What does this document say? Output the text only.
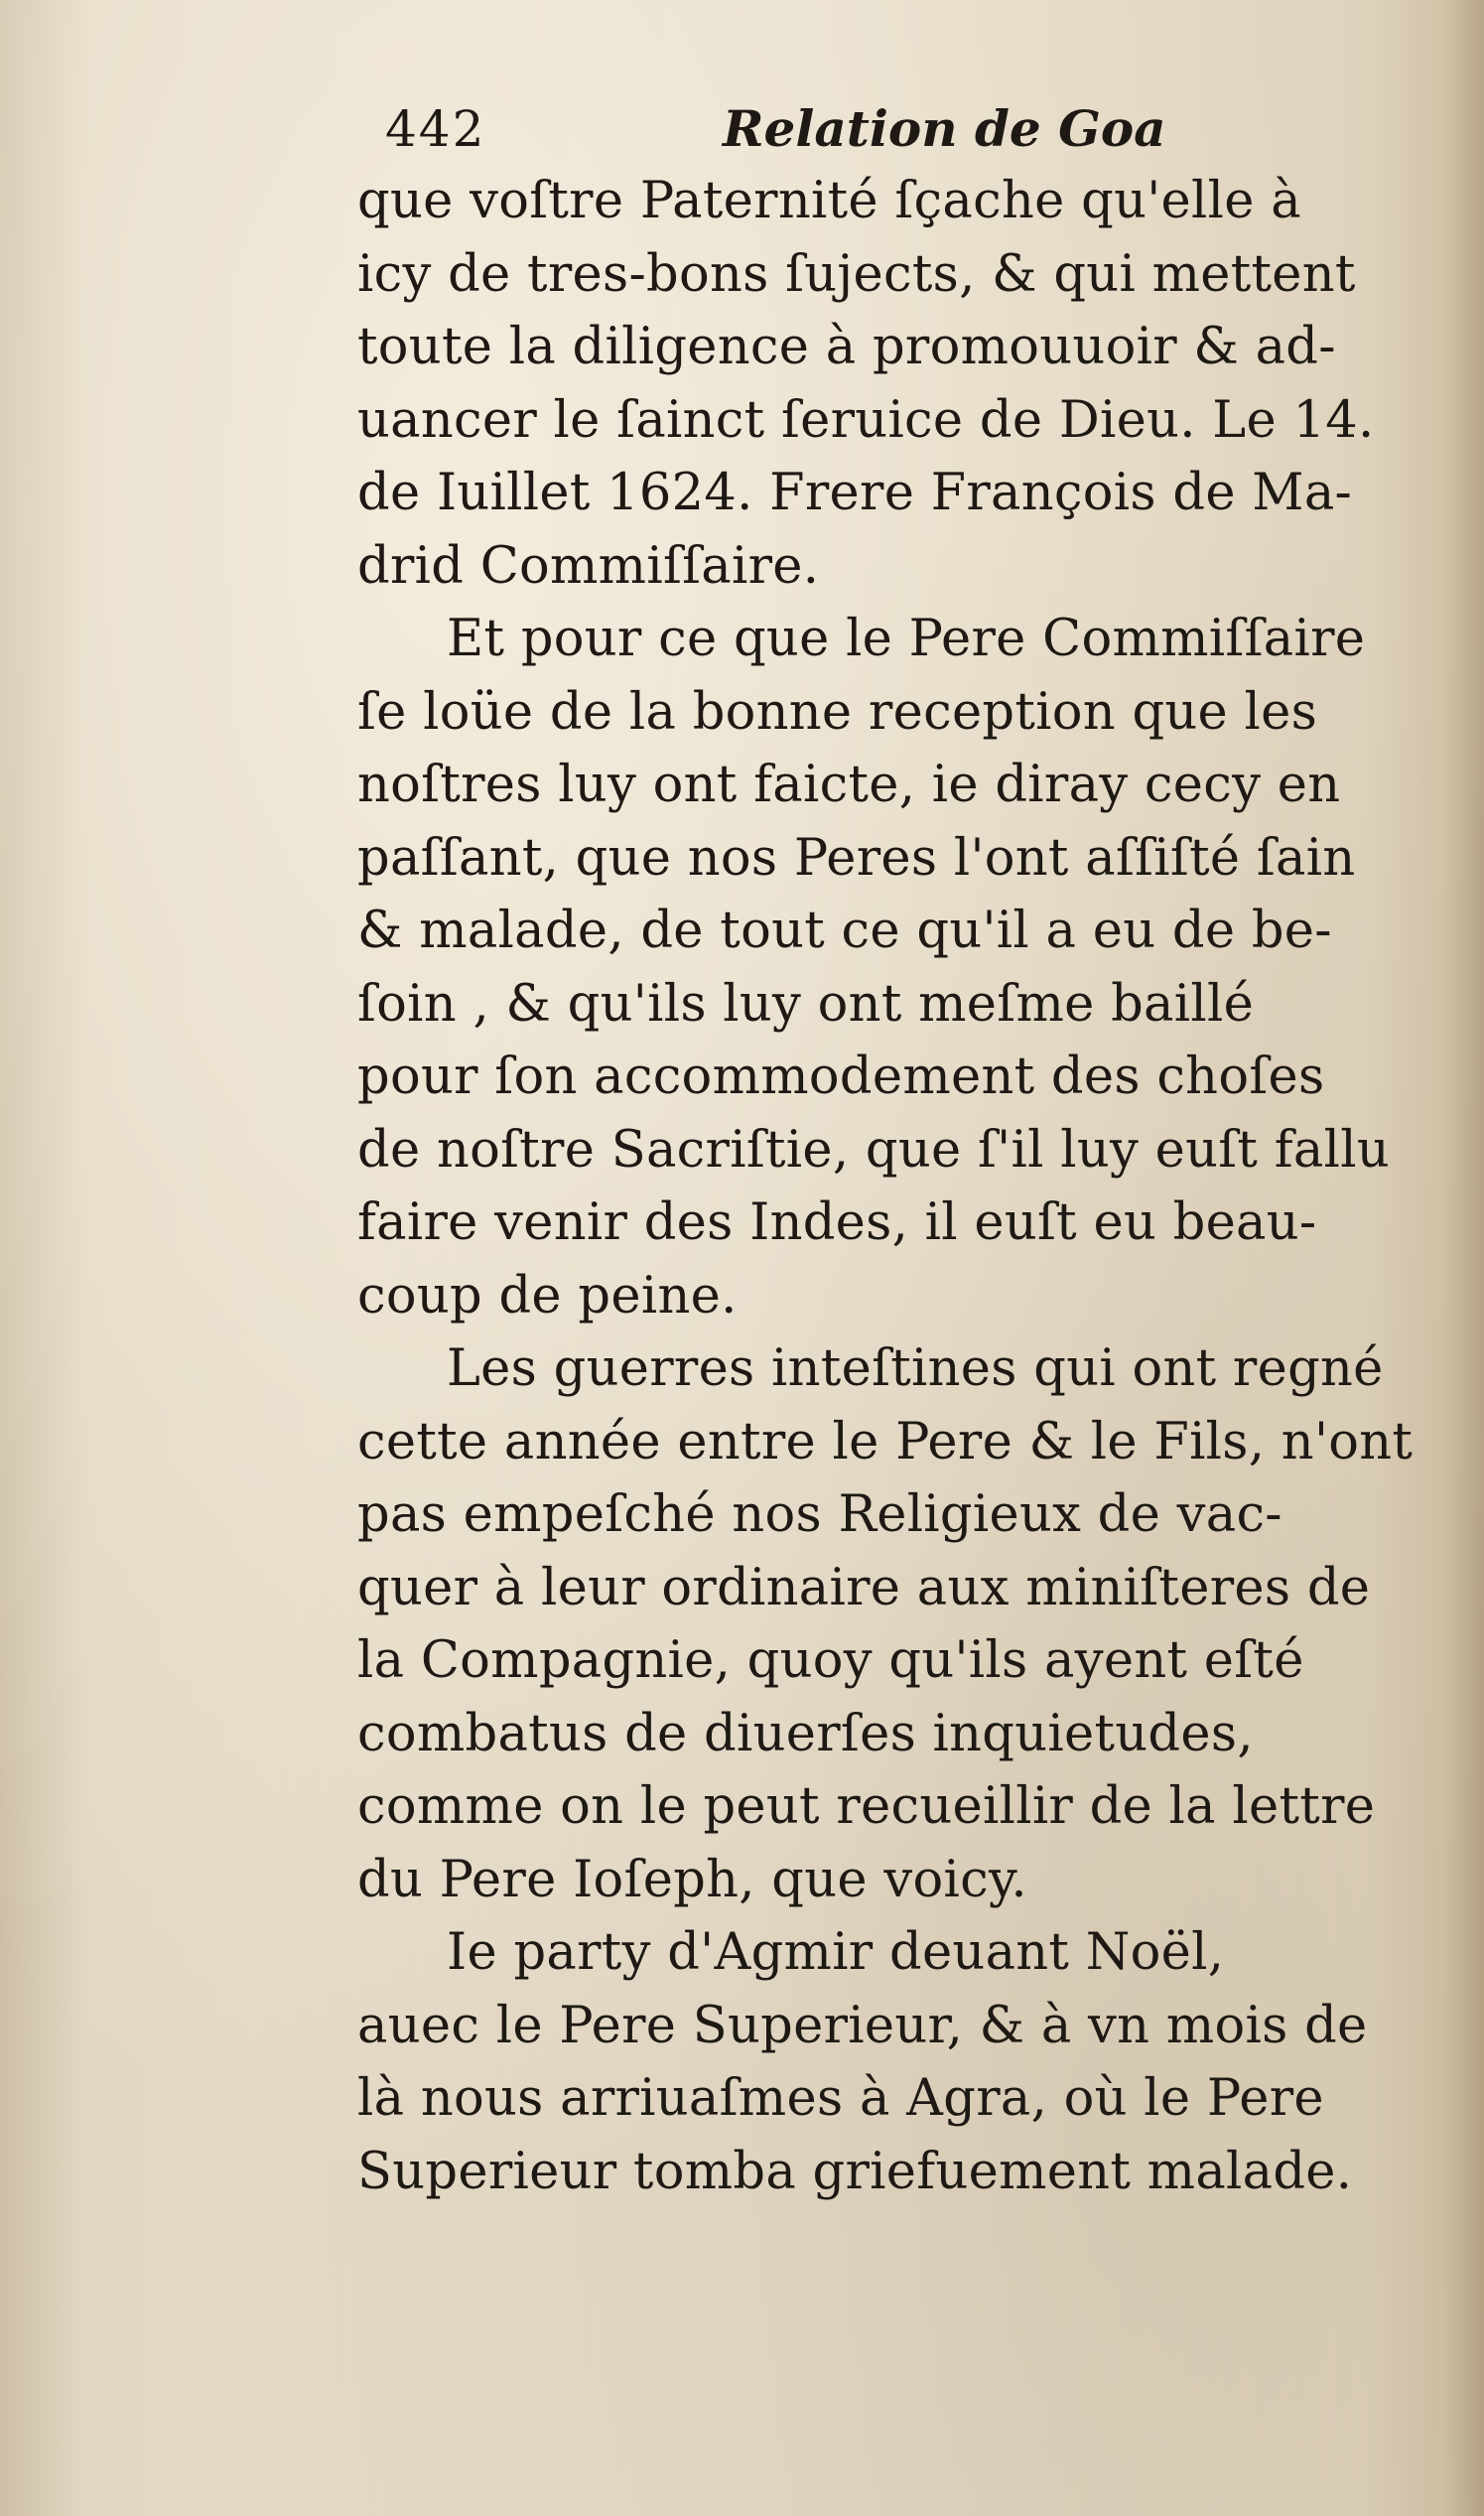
442	Relation de Goa
que voſtre Paternité ſçache qu'elle à
icy de tres-bons ſujects, & qui mettent
toute la diligence à promouuoir & ad-
uancer le ſainct ſeruice de Dieu. Le 14.
de Iuillet 1624. Frere François de Ma-
drid Commiſſaire.
Et pour ce que le Pere Commiſſaire
ſe loüe de la bonne reception que les
noſtres luy ont faicte, ie diray cecy en
paſſant, que nos Peres l'ont aſſiſté ſain
& malade, de tout ce qu'il a eu de be-
ſoin , & qu'ils luy ont meſme baillé
pour ſon accommodement des choſes
de noſtre Sacriſtie, que ſ'il luy euſt fallu
faire venir des Indes, il euſt eu beau-
coup de peine.
Les guerres inteſtines qui ont regné
cette année entre le Pere & le Fils, n'ont
pas empeſché nos Religieux de vac-
quer à leur ordinaire aux miniſteres de
la Compagnie, quoy qu'ils ayent eſté
combatus de diuerſes inquietudes,
comme on le peut recueillir de la lettre
du Pere Ioſeph, que voicy.
Ie party d'Agmir deuant Noël,
auec le Pere Superieur, & à vn mois de
là nous arriuaſmes à Agra, où le Pere
Superieur tomba griefuement malade.
